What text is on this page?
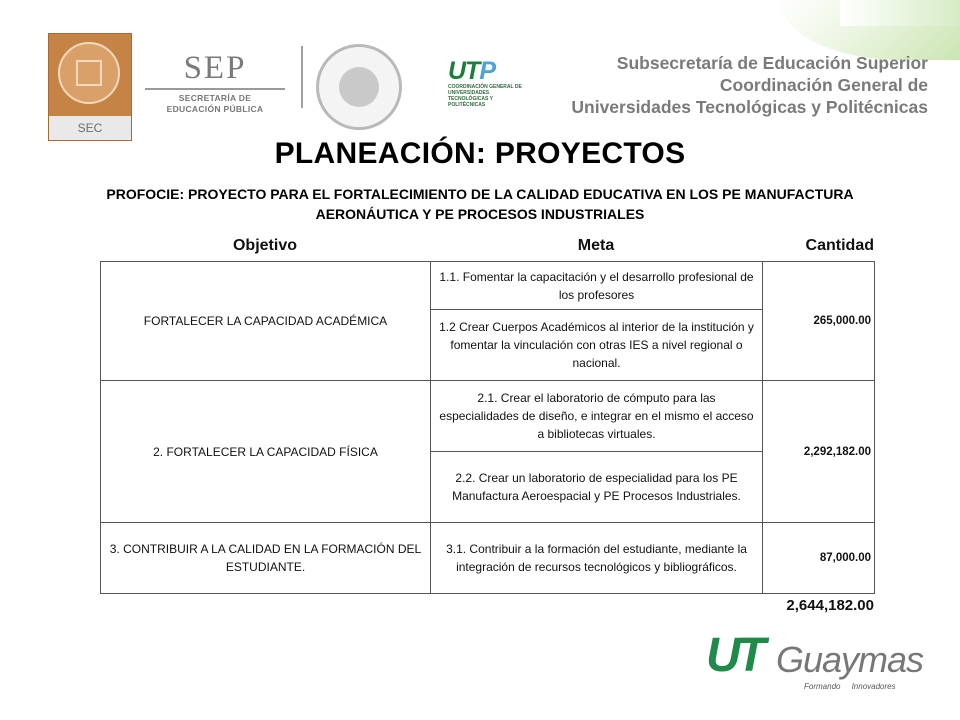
SEC
SEP
SECRETARÍA DE
EDUCACIÓN PÚBLICA
UTP
COORDINACIÓN GENERAL DE UNIVERSIDADES TECNOLÓGICAS Y POLITÉCNICAS
Subsecretaría de Educación Superior
Coordinación General de
Universidades Tecnológicas y Politécnicas
PLANEACIÓN: PROYECTOS
PROFOCIE: PROYECTO PARA EL FORTALECIMIENTO DE LA CALIDAD EDUCATIVA EN LOS PE MANUFACTURA AERONÁUTICA Y PE PROCESOS INDUSTRIALES
Objetivo	Meta	Cantidad
FORTALECER LA CAPACIDAD ACADÉMICA	1.1. Fomentar la capacitación y el desarrollo profesional de los profesores	265,000.00
	1.2 Crear Cuerpos Académicos al interior de la institución y fomentar la vinculación con otras IES a nivel regional o nacional.	
2. FORTALECER LA CAPACIDAD FÍSICA	2.1. Crear el laboratorio de cómputo para las especialidades de diseño, e integrar en el mismo el acceso a bibliotecas virtuales.	2,292,182.00
	2.2. Crear un laboratorio de especialidad para los PE Manufactura Aeroespacial y PE Procesos Industriales.	
3. CONTRIBUIR A LA CALIDAD EN LA FORMACIÓN DEL ESTUDIANTE.	3.1. Contribuir a la formación del estudiante, mediante la integración de recursos tecnológicos y bibliográficos.	87,000.00
2,644,182.00
UT Guaymas
Formando     Innovadores
